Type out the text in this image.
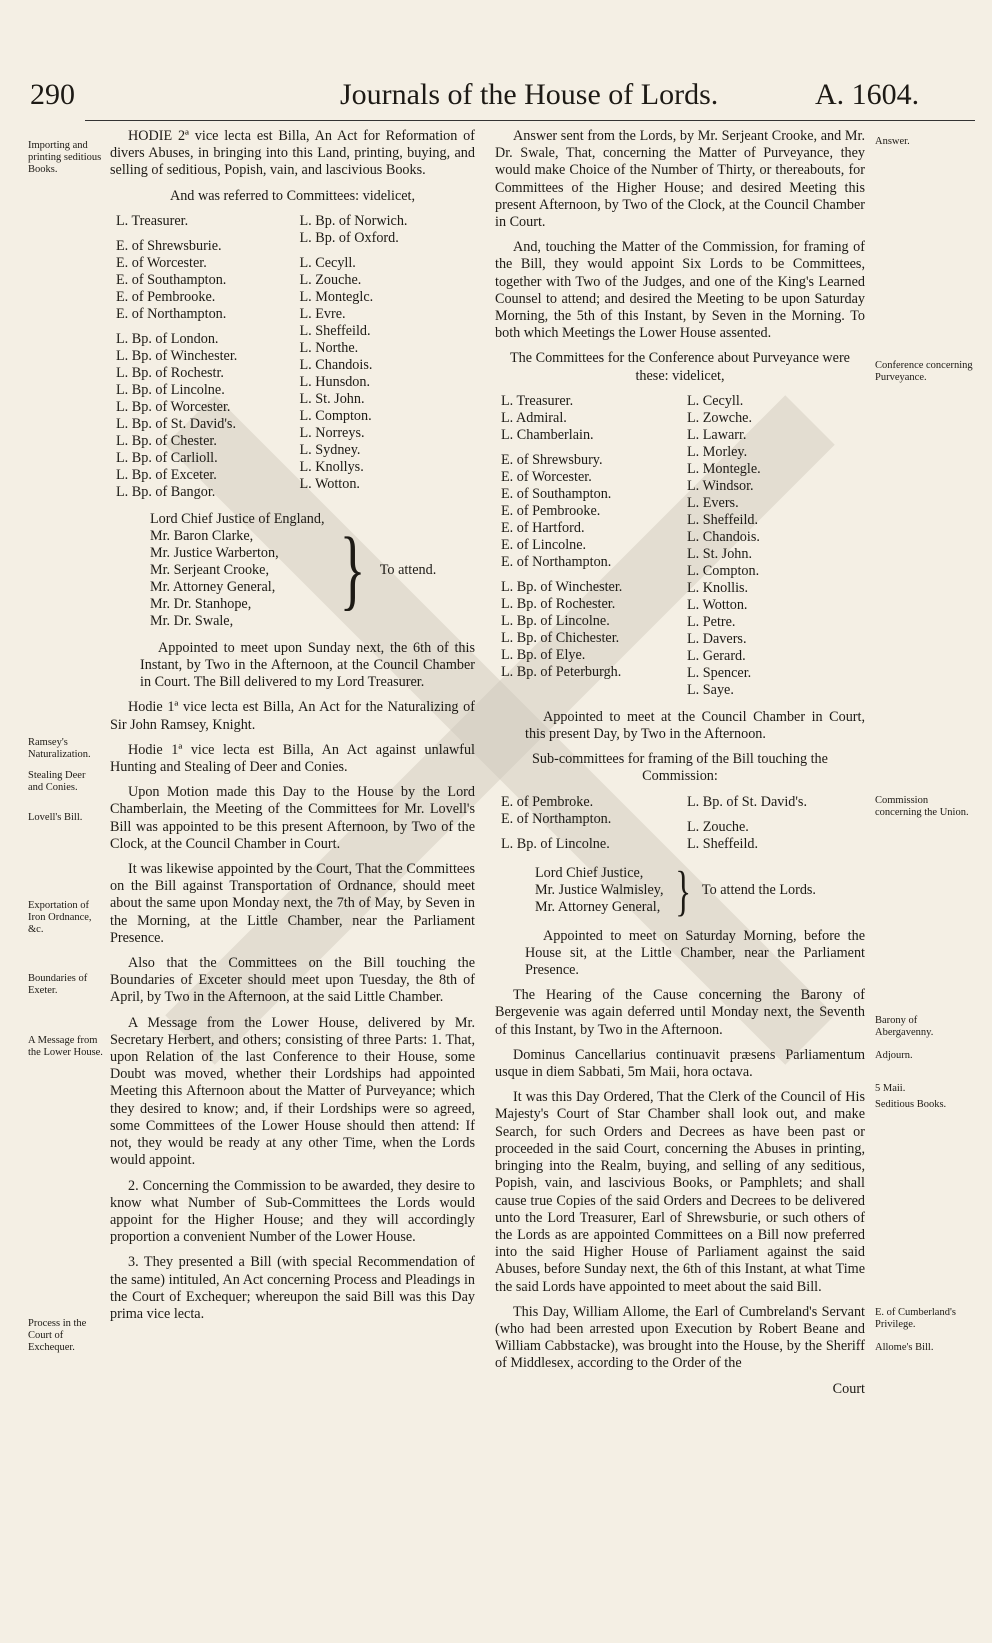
290	Journals of the House of Lords.	A. 1604.
Importing and printing seditious Books.
Ramsey's Naturalization.
Stealing Deer and Conies.
Lovell's Bill.
Exportation of Iron Ordnance, &c.
Boundaries of Exeter.
A Message from the Lower House.
Process in the Court of Exchequer.
Answer.
Conference concerning Purveyance.
Commission concerning the Union.
Barony of Abergavenny.
Adjourn.
5 Maii.
Seditious Books.
E. of Cumberland's Privilege.
Allome's Bill.

HODIE 2ª vice lecta est Billa, An Act for Reformation of divers Abuses, in bringing into this Land, printing, buying, and selling of seditious, Popish, vain, and lascivious Books.

And was referred to Committees: videlicet,

L. Treasurer.
E. of Shrewsburie.
E. of Worcester.
E. of Southampton.
E. of Pembrooke.
E. of Northampton.
L. Bp. of London.
L. Bp. of Winchester.
L. Bp. of Rochestr.
L. Bp. of Lincolne.
L. Bp. of Worcester.
L. Bp. of St. David's.
L. Bp. of Chester.
L. Bp. of Carlioll.
L. Bp. of Exceter.
L. Bp. of Bangor.
L. Bp. of Norwich.
L. Bp. of Oxford.
L. Cecyll.
L. Zouche.
L. Monteglc.
L. Evre.
L. Sheffeild.
L. Northe.
L. Chandois.
L. Hunsdon.
L. St. John.
L. Compton.
L. Norreys.
L. Sydney.
L. Knollys.
L. Wotton.
Lord Chief Justice of England,
Mr. Baron Clarke,
Mr. Justice Warberton,
Mr. Serjeant Crooke,
Mr. Attorney General,
Mr. Dr. Stanhope,
Mr. Dr. Swale,
} To attend.

Appointed to meet upon Sunday next, the 6th of this Instant, by Two in the Afternoon, at the Council Chamber in Court. The Bill delivered to my Lord Treasurer.

Hodie 1ª vice lecta est Billa, An Act for the Naturalizing of Sir John Ramsey, Knight.

Hodie 1ª vice lecta est Billa, An Act against unlawful Hunting and Stealing of Deer and Conies.

Upon Motion made this Day to the House by the Lord Chamberlain, the Meeting of the Committees for Mr. Lovell's Bill was appointed to be this present Afternoon, by Two of the Clock, at the Council Chamber in Court.

It was likewise appointed by the Court, That the Committees on the Bill against Transportation of Ordnance, should meet about the same upon Monday next, the 7th of May, by Seven in the Morning, at the Little Chamber, near the Parliament Presence.

Also that the Committees on the Bill touching the Boundaries of Exceter should meet upon Tuesday, the 8th of April, by Two in the Afternoon, at the said Little Chamber.

A Message from the Lower House, delivered by Mr. Secretary Herbert, and others; consisting of three Parts: 1. That, upon Relation of the last Conference to their House, some Doubt was moved, whether their Lordships had appointed Meeting this Afternoon about the Matter of Purveyance; which they desired to know; and, if their Lordships were so agreed, some Committees of the Lower House should then attend: If not, they would be ready at any other Time, when the Lords would appoint.

2. Concerning the Commission to be awarded, they desire to know what Number of Sub-Committees the Lords would appoint for the Higher House; and they will accordingly proportion a convenient Number of the Lower House.

3. They presented a Bill (with special Recommendation of the same) intituled, An Act concerning Process and Pleadings in the Court of Exchequer; whereupon the said Bill was this Day prima vice lecta.

Answer sent from the Lords, by Mr. Serjeant Crooke, and Mr. Dr. Swale, That, concerning the Matter of Purveyance, they would make Choice of the Number of Thirty, or thereabouts, for Committees of the Higher House; and desired Meeting this present Afternoon, by Two of the Clock, at the Council Chamber in Court.

And, touching the Matter of the Commission, for framing of the Bill, they would appoint Six Lords to be Committees, together with Two of the Judges, and one of the King's Learned Counsel to attend; and desired the Meeting to be upon Saturday Morning, the 5th of this Instant, by Seven in the Morning. To both which Meetings the Lower House assented.

The Committees for the Conference about Purveyance were these: videlicet,

L. Treasurer.
L. Admiral.
L. Chamberlain.
E. of Shrewsbury.
E. of Worcester.
E. of Southampton.
E. of Pembrooke.
E. of Hartford.
E. of Lincolne.
E. of Northampton.
L. Bp. of Winchester.
L. Bp. of Rochester.
L. Bp. of Lincolne.
L. Bp. of Chichester.
L. Bp. of Elye.
L. Bp. of Peterburgh.
L. Cecyll.
L. Zowche.
L. Lawarr.
L. Morley.
L. Montegle.
L. Windsor.
L. Evers.
L. Sheffeild.
L. Chandois.
L. St. John.
L. Compton.
L. Knollis.
L. Wotton.
L. Petre.
L. Davers.
L. Gerard.
L. Spencer.
L. Saye.

Appointed to meet at the Council Chamber in Court, this present Day, by Two in the Afternoon.

Sub-committees for framing of the Bill touching the Commission:

E. of Pembroke.
E. of Northampton.
L. Bp. of Lincolne.
L. Bp. of St. David's.
L. Zouche.
L. Sheffeild.
Lord Chief Justice,
Mr. Justice Walmisley,
Mr. Attorney General, } To attend the Lords.

Appointed to meet on Saturday Morning, before the House sit, at the Little Chamber, near the Parliament Presence.

The Hearing of the Cause concerning the Barony of Bergevenie was again deferred until Monday next, the Seventh of this Instant, by Two in the Afternoon.

Dominus Cancellarius continuavit præsens Parliamentum usque in diem Sabbati, 5m Maii, hora octava.

It was this Day Ordered, That the Clerk of the Council of His Majesty's Court of Star Chamber shall look out, and make Search, for such Orders and Decrees as have been past or proceeded in the said Court, concerning the Abuses in printing, bringing into the Realm, buying, and selling of any seditious, Popish, vain, and lascivious Books, or Pamphlets; and shall cause true Copies of the said Orders and Decrees to be delivered unto the Lord Treasurer, Earl of Shrewsburie, or such others of the Lords as are appointed Committees on a Bill now preferred into the said Higher House of Parliament against the said Abuses, before Sunday next, the 6th of this Instant, at what Time the said Lords have appointed to meet about the said Bill.

This Day, William Allome, the Earl of Cumbreland's Servant (who had been arrested upon Execution by Robert Beane and William Cabbstacke), was brought into the House, by the Sheriff of Middlesex, according to the Order of the

Court
